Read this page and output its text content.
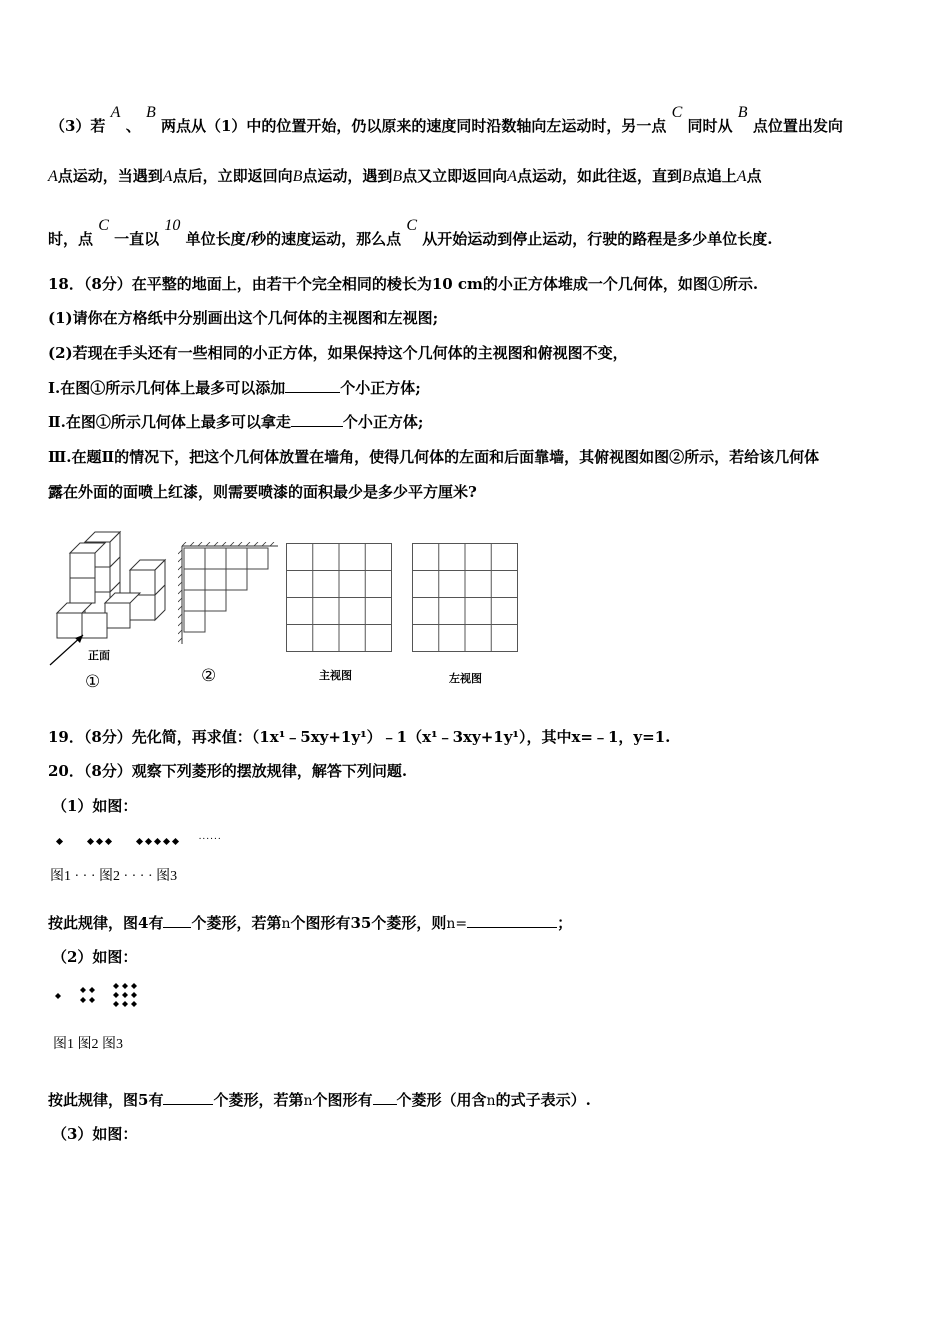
（3）若 A 、 B 两点从（1）中的位置开始，仍以原来的速度同时沿数轴向左运动时，另一点 C 同时从 B 点位置出发向
A点运动，当遇到A点后，立即返回向B点运动，遇到B点又立即返回向A点运动，如此往返，直到B点追上A点
时，点 C 一直以 10 单位长度/秒的速度运动，那么点 C 从开始运动到停止运动，行驶的路程是多少单位长度.
18．（8分）在平整的地面上，由若干个完全相同的棱长为10 cm的小正方体堆成一个几何体，如图①所示.
(1)请你在方格纸中分别画出这个几何体的主视图和左视图;
(2)若现在手头还有一些相同的小正方体，如果保持这个几何体的主视图和俯视图不变，
Ⅰ.在图①所示几何体上最多可以添加	个小正方体;
Ⅱ.在图①所示几何体上最多可以拿走	个小正方体;
Ⅲ.在题Ⅱ的情况下，把这个几何体放置在墙角，使得几何体的左面和后面靠墙，其俯视图如图②所示，若给该几何体
露在外面的面喷上红漆，则需要喷漆的面积最少是多少平方厘米?
正面
①	②	主视图	左视图
19．（8分）先化简，再求值：（1x¹﹣5xy+1y¹）﹣1（x¹﹣3xy+1y¹），其中x=﹣1，y=1.
20．（8分）观察下列菱形的摆放规律，解答下列问题.
（1）如图：
······
图1 · · · 图2 · · · · 图3
按此规律，图4有 个菱形，若第n个图形有35个菱形，则n=	；
（2）如图：
图1 图2 图3
按此规律，图5有	个菱形，若第n个图形有 个菱形（用含n的式子表示）.
（3）如图：
